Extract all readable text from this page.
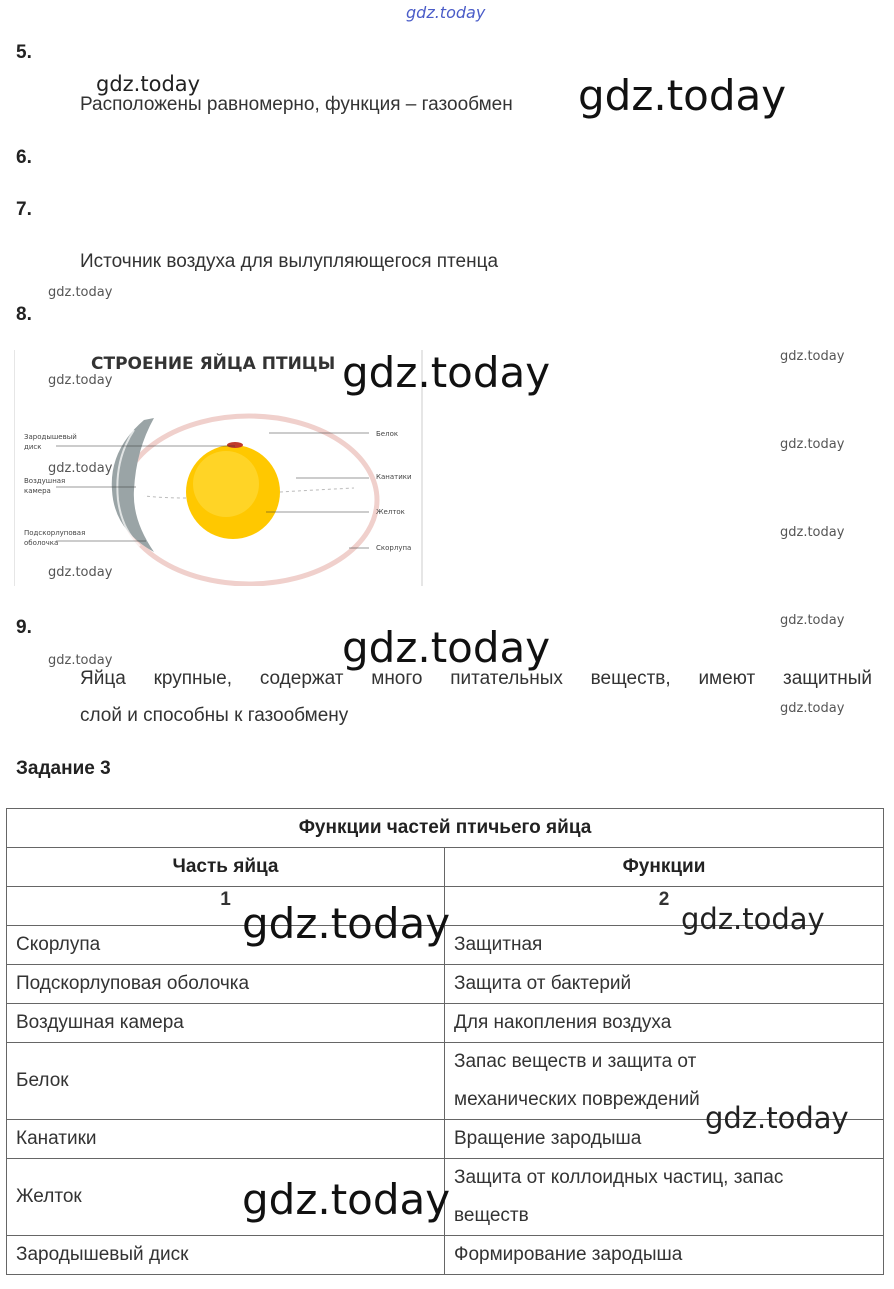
gdz.today
5.
Расположены равномерно, функция – газообмен
6.
7.
Источник воздуха для вылупляющегося птенца
8.
СТРОЕНИЕ ЯЙЦА ПТИЦЫ
Зародышевый
диск
Воздушная
камера
Подскорлуповая
оболочка
Белок
Канатики
Желток
Скорлупа
9.
Яйца крупные, содержат много питательных веществ, имеют защитный
слой и способны к газообмену
Задание 3
Функции частей птичьего яйца	
Часть яйца	Функции
1	2
Скорлупа	Защитная
Подскорлуповая оболочка	Защита от бактерий
Воздушная камера	Для накопления воздуха
Белок	Запас веществ и защита от
механических повреждений

Канатики	Вращение зародыша
Желток	Защита от коллоидных частиц, запас
веществ

Зародышевый диск	Формирование зародыша
gdz.today	gdz.today
gdz.today
gdz.today
gdz.today
gdz.today
gdz.today
gdz.today
gdz.today
gdz.today
gdz.today
gdz.today
gdz.today
gdz.today
gdz.today	gdz.today
gdz.today
gdz.today
